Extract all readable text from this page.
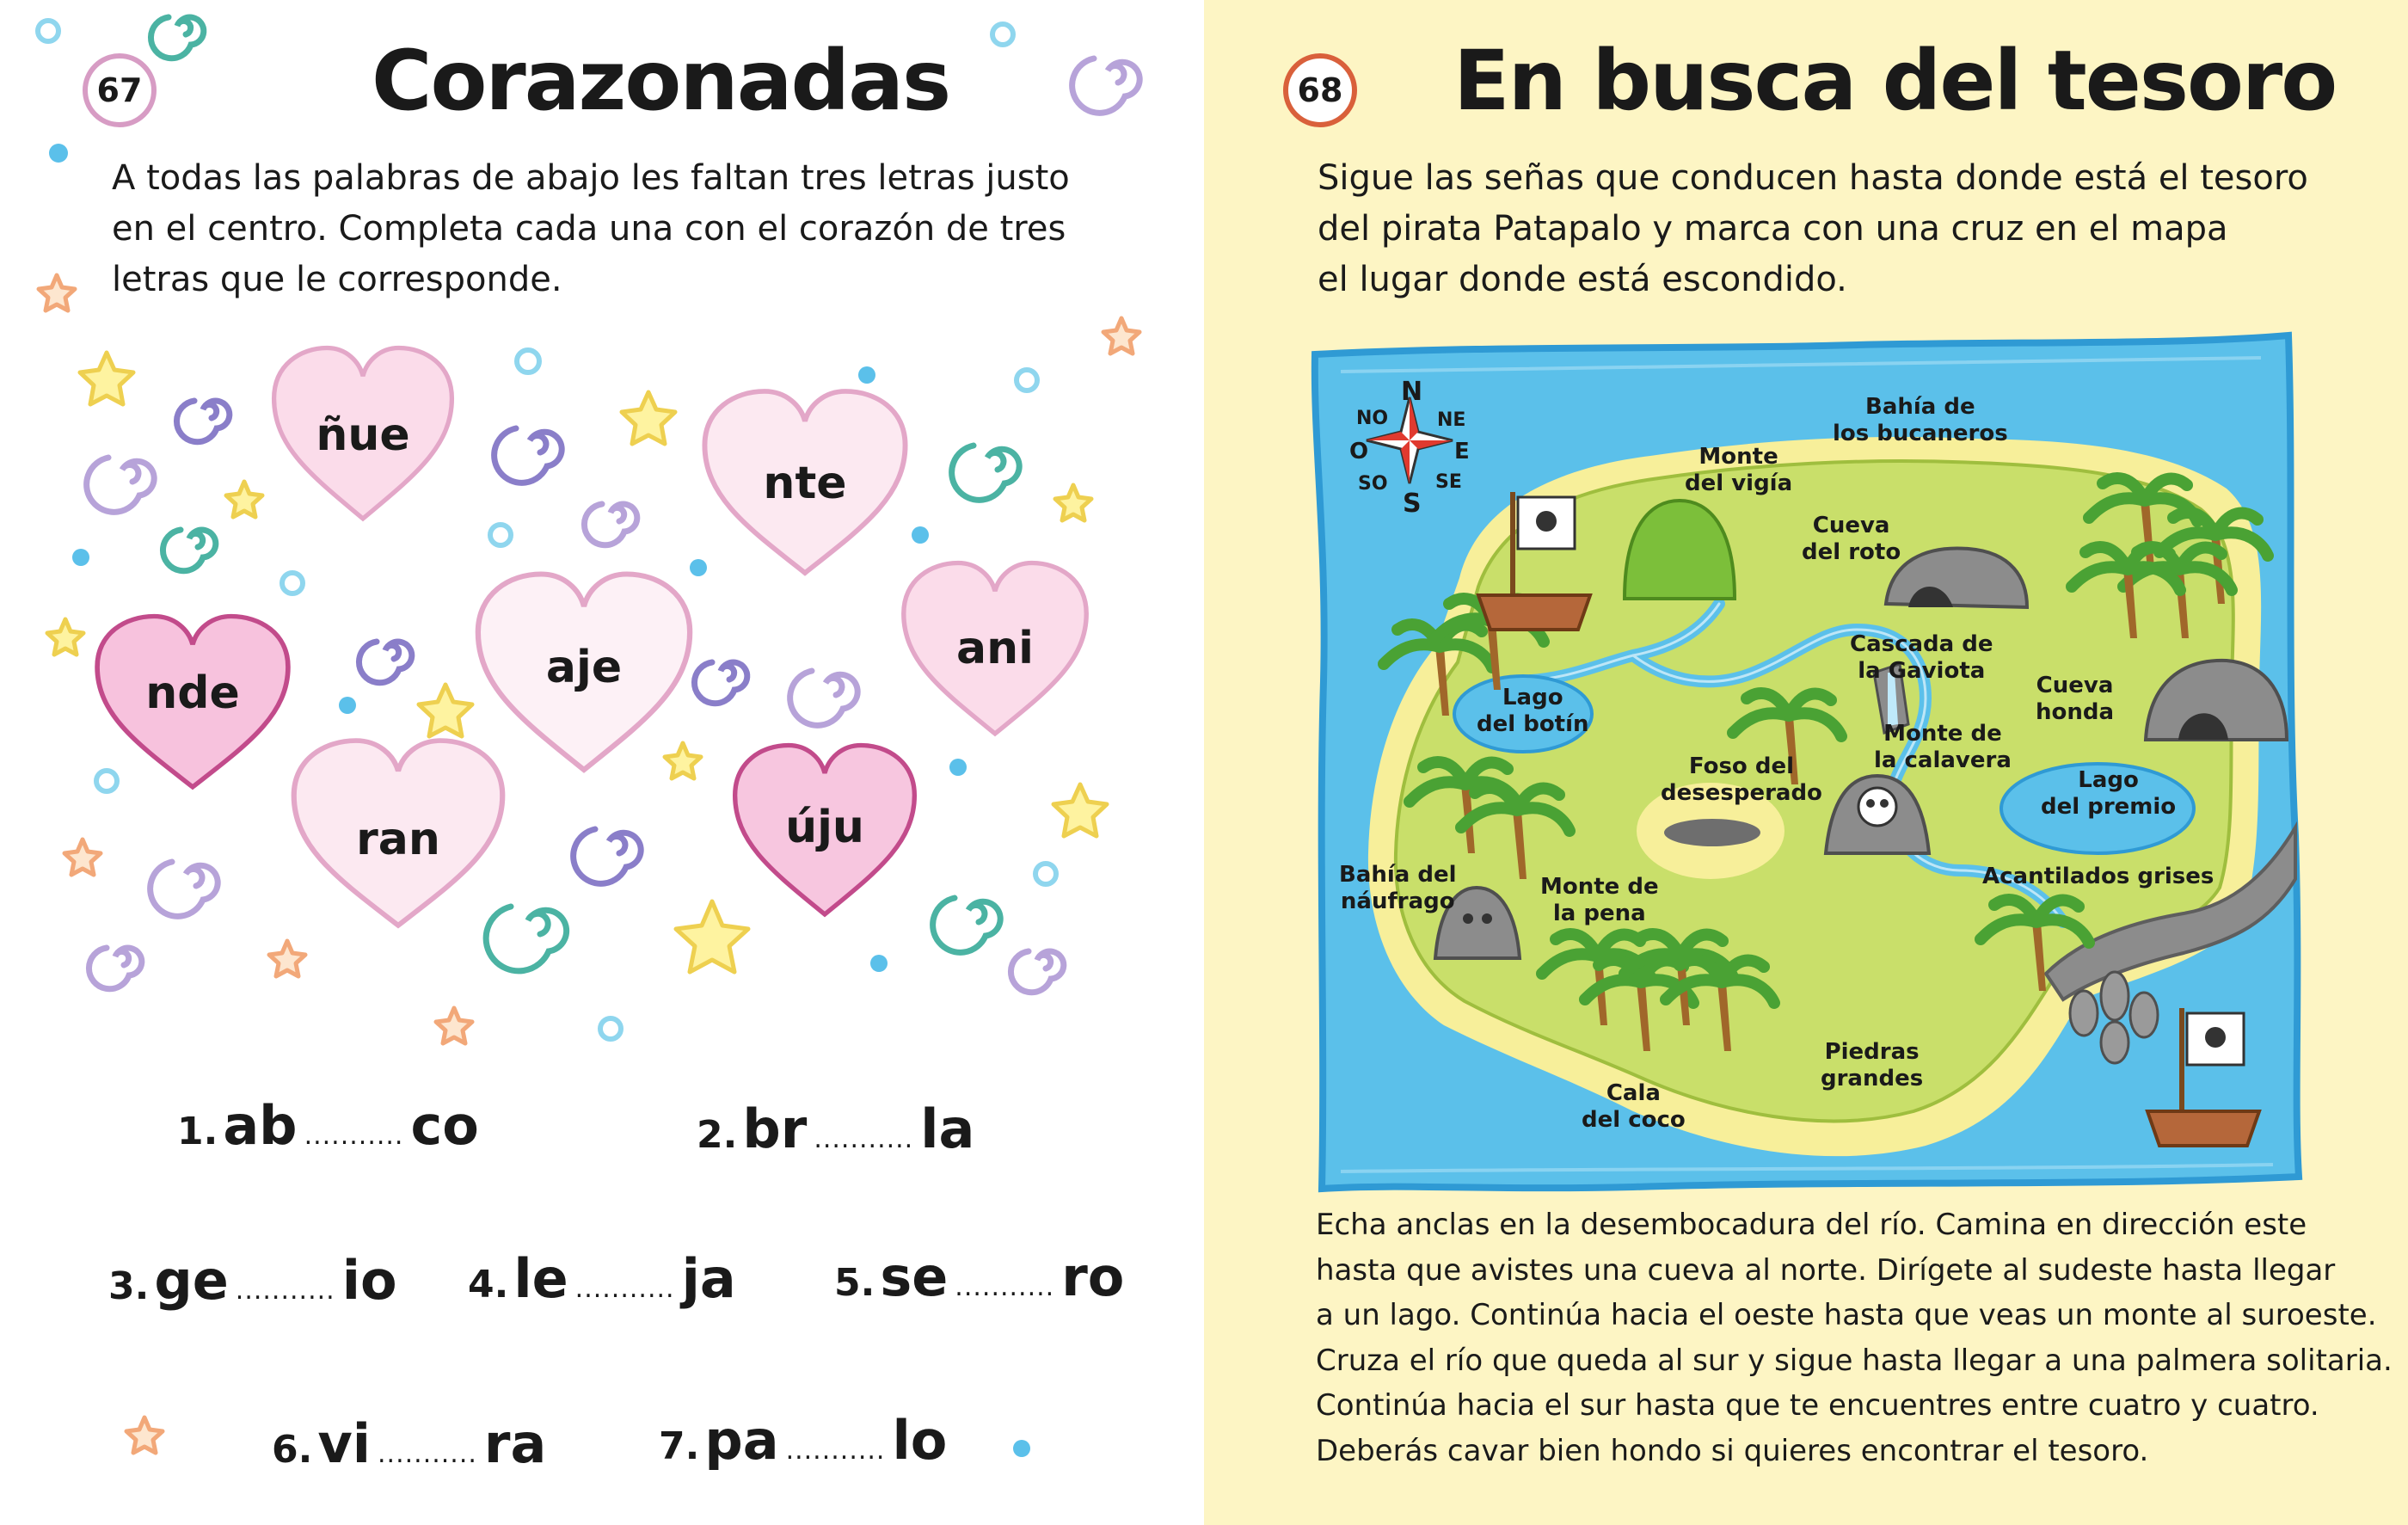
67	Corazonadas

A todas las palabras de abajo les faltan tres letras justo
en el centro. Completa cada una con el corazón de tres
letras que le corresponde.

ñue
nte
nde	aje	ani
ran	úju
1. ab ........... co	2. br ........... la
3. ge ........... io 4. le ........... ja	5. se ........... ro
6. vi ........... ra	7. pa ........... lo
68 En busca del tesoro

Sigue las señas que conducen hasta donde está el tesoro
del pirata Patapalo y marca con una cruz en el mapa
el lugar donde está escondido.

N
NE
E
SE
S
SO
O
NO	Bahía de
los bucaneros
Monte
del vigía
Cueva
del roto
Cascada de
la Gaviota
Cueva
honda
Lago
del botín	Monte de
la calavera
Foso del
desesperado	Lago
del premio
Bahía del
náufrago
Monte de
la pena
Acantilados grises
Piedras
grandes
Cala
del coco

Echa anclas en la desembocadura del río. Camina en dirección este
hasta que avistes una cueva al norte. Dirígete al sudeste hasta llegar
a un lago. Continúa hacia el oeste hasta que veas un monte al suroeste.
Cruza el río que queda al sur y sigue hasta llegar a una palmera solitaria.
Continúa hacia el sur hasta que te encuentres entre cuatro y cuatro.
Deberás cavar bien hondo si quieres encontrar el tesoro.
